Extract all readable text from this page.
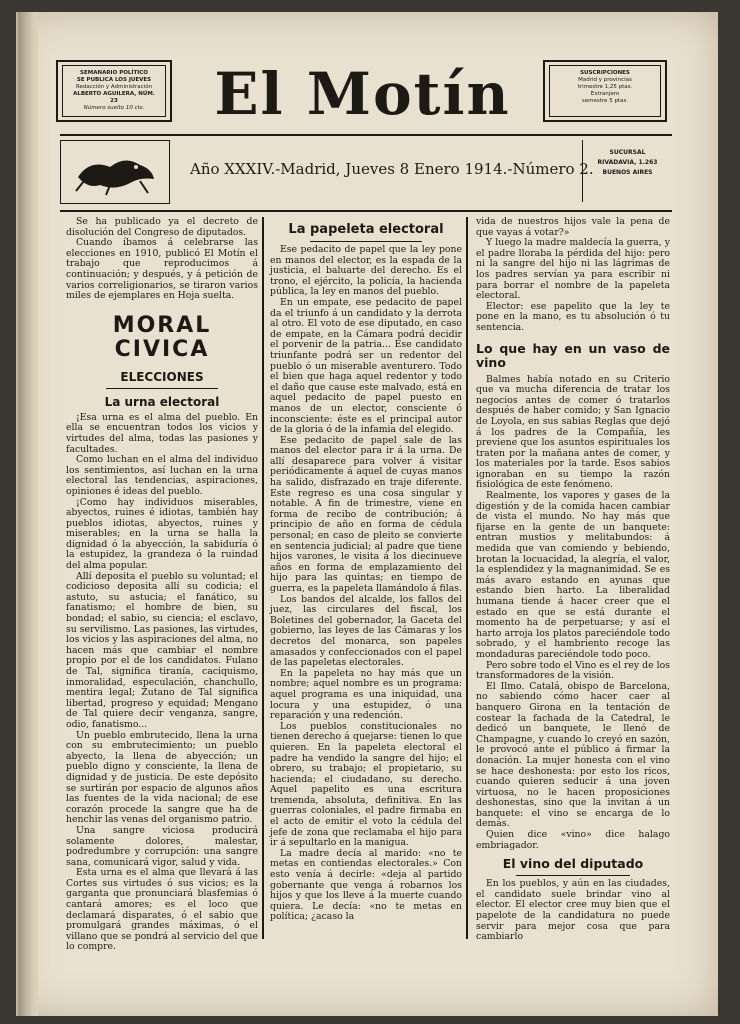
SEMANARIO POLÍTICO
SE PUBLICA LOS JUEVES
Redacción y Administración
ALBERTO AGUILERA, NÚM. 23
Número suelto 10 cts.	El Motín	SUSCRIPCIONES
Madrid y provincias
trimestre 1,25 ptas.
Extranjero
semestre 5 ptas.
Año XXXIV.-Madrid, Jueves 8 Enero 1914.-Número 2.
SUCURSAL
RIVADAVIA, 1.263
BUENOS AIRES

Se ha publicado ya el decreto de disolución del Congreso de diputados.

Cuando íbamos á celebrarse las elecciones en 1910, publicó El Motín el trabajo que reproducimos á continuación; y después, y á petición de varios correligionarios, se tiraron varios miles de ejemplares en Hoja suelta.

MORAL CIVICA
ELECCIONES
La urna electoral

¡Esa urna es el alma del pueblo. En ella se encuentran todos los vicios y virtudes del alma, todas las pasiones y facultades.

Como luchan en el alma del individuo los sentimientos, así luchan en la urna electoral las tendencias, aspiraciones, opiniones é ideas del pueblo.

¡Como hay individuos miserables, abyectos, ruines é idiotas, también hay pueblos idiotas, abyectos, ruines y miserables; en la urna se halla la dignidad ó la abyección, la sabiduría ó la estupidez, la grandeza ó la ruindad del alma popular.

Allí deposita el pueblo su voluntad; el codicioso deposita allí su codicia; el astuto, su astucia; el fanático, su fanatismo; el hombre de bien, su bondad; el sabio, su ciencia; el esclavo, su servilismo. Las pasiones, las virtudes, los vicios y las aspiraciones del alma, no hacen más que cambiar el nombre propio por el de los candidatos. Fulano de Tal, significa tiranía, caciquismo, inmoralidad, especulación, chanchullo, mentira legal; Zutano de Tal significa libertad, progreso y equidad; Mengano de Tal quiere decir venganza, sangre, odio, fanatismo...

Un pueblo embrutecido, llena la urna con su embrutecimiento; un pueblo abyecto, la llena de abyección; un pueblo digno y consciente, la llena de dignidad y de justicia. De este depósito se surtirán por espacio de algunos años las fuentes de la vida nacional; de ese corazón procede la sangre que ha de henchir las venas del organismo patrio.

Una sangre viciosa producirá solamente dolores, malestar, podredumbre y corrupción: una sangre sana, comunicará vigor, salud y vida.

Esta urna es el alma que llevará á las Cortes sus virtudes ó sus vicios; es la garganta que pronunciará blasfemias ó cantará amores; es el loco que declamará disparates, ó el sabio que promulgará grandes máximas, ó el villano que se pondrá al servicio del que lo compre.

La papeleta electoral

Ese pedacito de papel que la ley pone en manos del elector, es la espada de la justicia, el baluarte del derecho. Es el trono, el ejército, la policía, la hacienda pública, la ley en manos del pueblo.

En un empate, ese pedacito de papel da el triunfo á un candidato y la derrota al otro. El voto de ese diputado, en caso de empate, en la Cámara podrá decidir el porvenir de la patria... Ese candidato triunfante podrá ser un redentor del pueblo ó un miserable aventurero. Todo el bien que haga aquel redentor y todo el daño que cause este malvado, está en aquel pedacito de papel puesto en manos de un elector, consciente ó inconsciente: éste es el principal autor de la gloria ó de la infamia del elegido.

Ese pedacito de papel sale de las manos del elector para ir á la urna. De allí desaparece para volver á visitar periódicamente á aquel de cuyas manos ha salido, disfrazado en traje diferente. Este regreso es una cosa singular y notable. A fin de trimestre, viene en forma de recibo de contribución; á principio de año en forma de cédula personal; en caso de pleito se convierte en sentencia judicial; al padre que tiene hijos varones, le visita á los diecinueve años en forma de emplazamiento del hijo para las quintas; en tiempo de guerra, es la papeleta llamándolo á filas.

Los bandos del alcalde, los fallos del juez, las circulares del fiscal, los Boletines del gobernador, la Gaceta del gobierno, las leyes de las Cámaras y los decretos del monarca, son papeles amasados y confeccionados con el papel de las papeletas electorales.

En la papeleta no hay más que un nombre; aquel nombre es un programa: aquel programa es una iniquidad, una locura y una estupidez, ó una reparación y una redención.

Los pueblos constitucionales no tienen derecho á quejarse: tienen lo que quieren. En la papeleta electoral el padre ha vendido la sangre del hijo; el obrero, su trabajo; el propietario, su hacienda; el ciudadano, su derecho. Aquel papelito es una escritura tremenda, absoluta, definitiva. En las guerras coloniales, el padre firmaba en el acto de emitir el voto la cédula del jefe de zona que reclamaba el hijo para ir á sepultarlo en la manigua.

La madre decía al marido: «no te metas en contiendas electorales.» Con esto venía á decirle: «deja al partido gobernante que venga á robarnos los hijos y que los lleve á la muerte cuando quiera. Le decía: «no te metas en política; ¿acaso la

vida de nuestros hijos vale la pena de que vayas á votar?»

Y luego la madre maldecía la guerra, y el padre lloraba la pérdida del hijo: pero ni la sangre del hijo ni las lágrimas de los padres servían ya para escribir ni para borrar el nombre de la papeleta electoral.

Elector: ese papelito que la ley te pone en la mano, es tu absolución ó tu sentencia.

Lo que hay en un vaso de vino

Balmes había notado en su Criterio que va mucha diferencia de tratar los negocios antes de comer ó tratarlos después de haber comido; y San Ignacio de Loyola, en sus sabias Reglas que dejó á los padres de la Compañía, les previene que los asuntos espirituales los traten por la mañana antes de comer, y los materiales por la tarde. Esos sabios ignoraban en su tiempo la razón fisiológica de este fenómeno.

Realmente, los vapores y gases de la digestión y de la comida hacen cambiar de vista el mundo. No hay más que fijarse en la gente de un banquete: entran mustios y melitabundos: á medida que van comiendo y bebiendo, brotan la locuacidad, la alegría, el valor, la esplendidez y la magnanimidad. Se es más avaro estando en ayunas que estando bien harto. La liberalidad humana tiende á hacer creer que el estado en que se está durante el momento ha de perpetuarse; y así el harto arroja los platos pareciéndole todo sobrado, y el hambriento recoge las mondaduras pareciéndole todo poco.

Pero sobre todo el Vino es el rey de los transformadores de la visión.

El Ilmo. Catalá, obispo de Barcelona, no sabiendo cómo hacer caer al banquero Girona en la tentación de costear la fachada de la Catedral, le dedicó un banquete, le llenó de Champagne, y cuando lo creyó en sazón, le provocó ante el público á firmar la donación. La mujer honesta con el vino se hace deshonesta: por esto los ricos, cuando quieren seducir á una joven virtuosa, no le hacen proposiciones deshonestas, sino que la invitan á un banquete: el vino se encarga de lo demás.

Quien dice «vino» dice halago embriagador.

El vino del diputado

En los pueblos, y aún en las ciudades, el candidato suele brindar vino al elector. El elector cree muy bien que el papelote de la candidatura no puede servir para mejor cosa que para cambiarlo
